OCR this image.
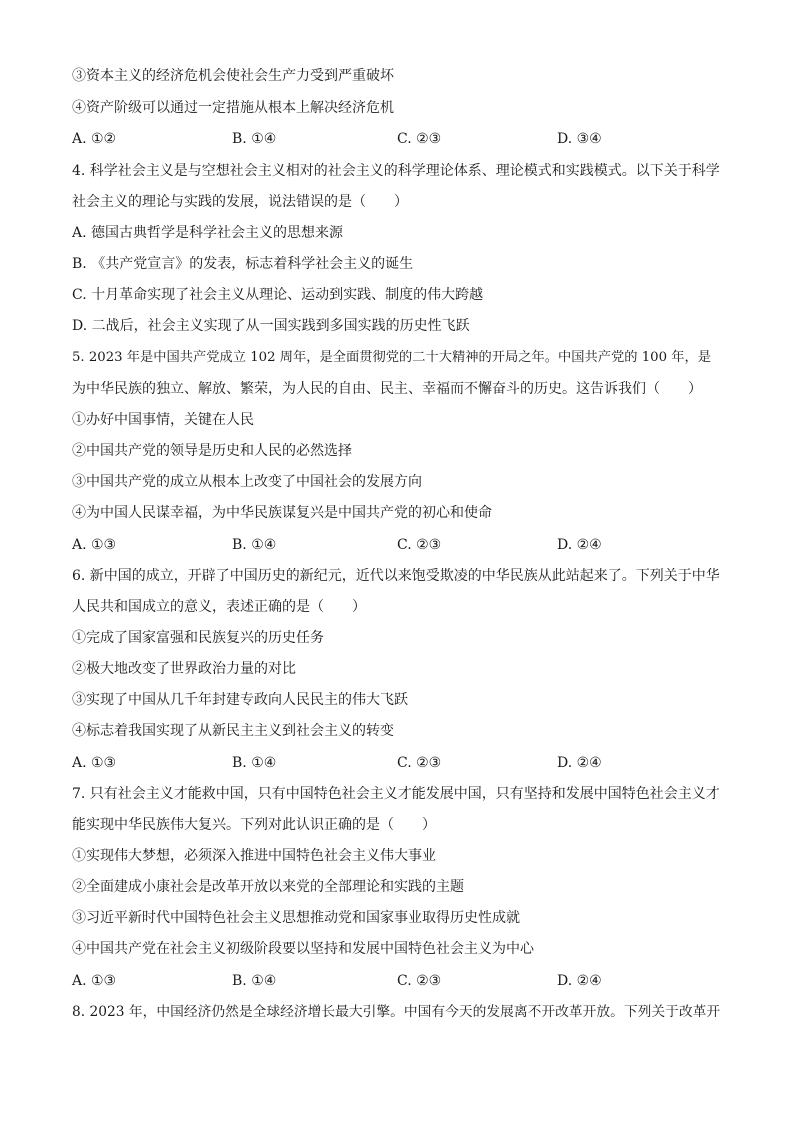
③资本主义的经济危机会使社会生产力受到严重破坏
④资产阶级可以通过一定措施从根本上解决经济危机
A. ①②	B. ①④	C. ②③	D. ③④
4. 科学社会主义是与空想社会主义相对的社会主义的科学理论体系、理论模式和实践模式。以下关于科学
社会主义的理论与实践的发展，说法错误的是（　　）
A. 德国古典哲学是科学社会主义的思想来源
B. 《共产党宣言》的发表，标志着科学社会主义的诞生
C. 十月革命实现了社会主义从理论、运动到实践、制度的伟大跨越
D. 二战后，社会主义实现了从一国实践到多国实践的历史性飞跃
5. 2023 年是中国共产党成立 102 周年，是全面贯彻党的二十大精神的开局之年。中国共产党的 100 年，是
为中华民族的独立、解放、繁荣，为人民的自由、民主、幸福而不懈奋斗的历史。这告诉我们（　　）
①办好中国事情，关键在人民
②中国共产党的领导是历史和人民的必然选择
③中国共产党的成立从根本上改变了中国社会的发展方向
④为中国人民谋幸福，为中华民族谋复兴是中国共产党的初心和使命
A. ①③	B. ①④	C. ②③	D. ②④
6. 新中国的成立，开辟了中国历史的新纪元，近代以来饱受欺凌的中华民族从此站起来了。下列关于中华
人民共和国成立的意义，表述正确的是（　　）
①完成了国家富强和民族复兴的历史任务
②极大地改变了世界政治力量的对比
③实现了中国从几千年封建专政向人民民主的伟大飞跃
④标志着我国实现了从新民主主义到社会主义的转变
A. ①③	B. ①④	C. ②③	D. ②④
7. 只有社会主义才能救中国，只有中国特色社会主义才能发展中国，只有坚持和发展中国特色社会主义才
能实现中华民族伟大复兴。下列对此认识正确的是（　　）
①实现伟大梦想，必须深入推进中国特色社会主义伟大事业
②全面建成小康社会是改革开放以来党的全部理论和实践的主题
③习近平新时代中国特色社会主义思想推动党和国家事业取得历史性成就
④中国共产党在社会主义初级阶段要以坚持和发展中国特色社会主义为中心
A. ①③	B. ①④	C. ②③	D. ②④
8. 2023 年，中国经济仍然是全球经济增长最大引擎。中国有今天的发展离不开改革开放。下列关于改革开
